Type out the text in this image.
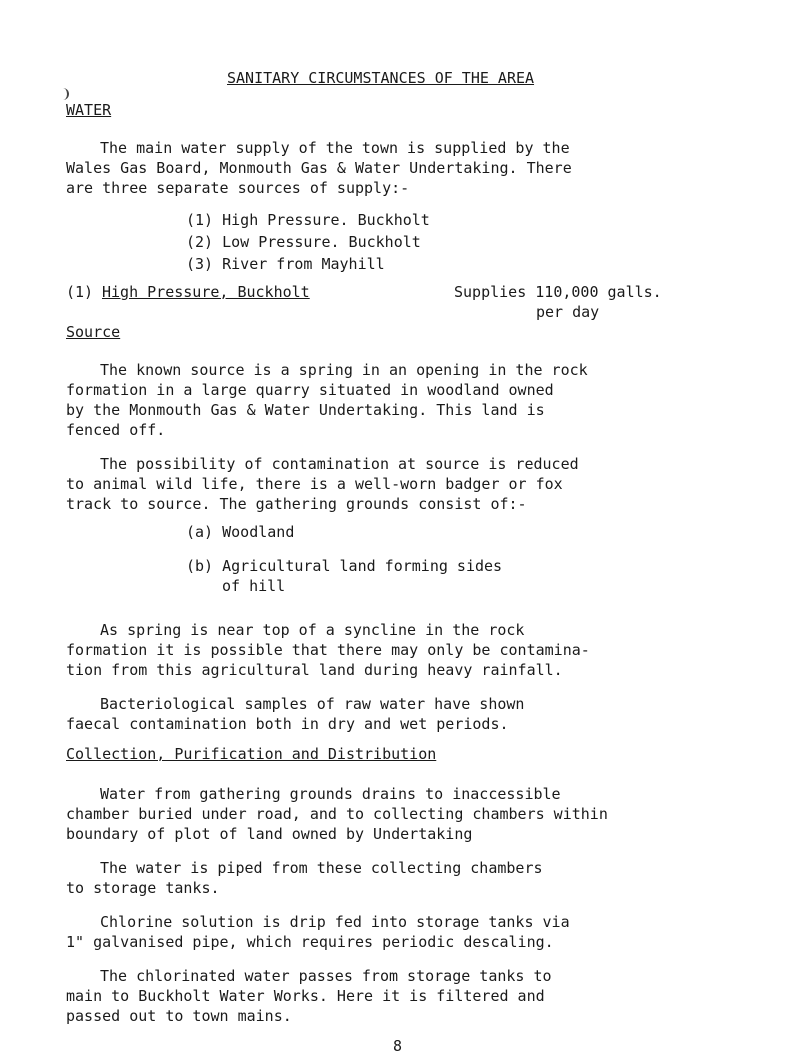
SANITARY CIRCUMSTANCES OF THE AREA
WATER
The main water supply of the town is supplied by the
Wales Gas Board, Monmouth Gas & Water Undertaking. There
are three separate sources of supply:-
(1) High Pressure. Buckholt
(2) Low Pressure. Buckholt
(3) River from Mayhill
(1) High Pressure, Buckholt	Supplies 110,000 galls.
per day
Source
The known source is a spring in an opening in the rock
formation in a large quarry situated in woodland owned
by the Monmouth Gas & Water Undertaking. This land is
fenced off.
The possibility of contamination at source is reduced
to animal wild life, there is a well-worn badger or fox
track to source. The gathering grounds consist of:-
(a) Woodland
(b) Agricultural land forming sides
of hill
As spring is near top of a syncline in the rock
formation it is possible that there may only be contamina-
tion from this agricultural land during heavy rainfall.
Bacteriological samples of raw water have shown
faecal contamination both in dry and wet periods.
Collection, Purification and Distribution
Water from gathering grounds drains to inaccessible
chamber buried under road, and to collecting chambers within
boundary of plot of land owned by Undertaking
The water is piped from these collecting chambers
to storage tanks.
Chlorine solution is drip fed into storage tanks via
1" galvanised pipe, which requires periodic descaling.
The chlorinated water passes from storage tanks to
main to Buckholt Water Works. Here it is filtered and
passed out to town mains.
8
